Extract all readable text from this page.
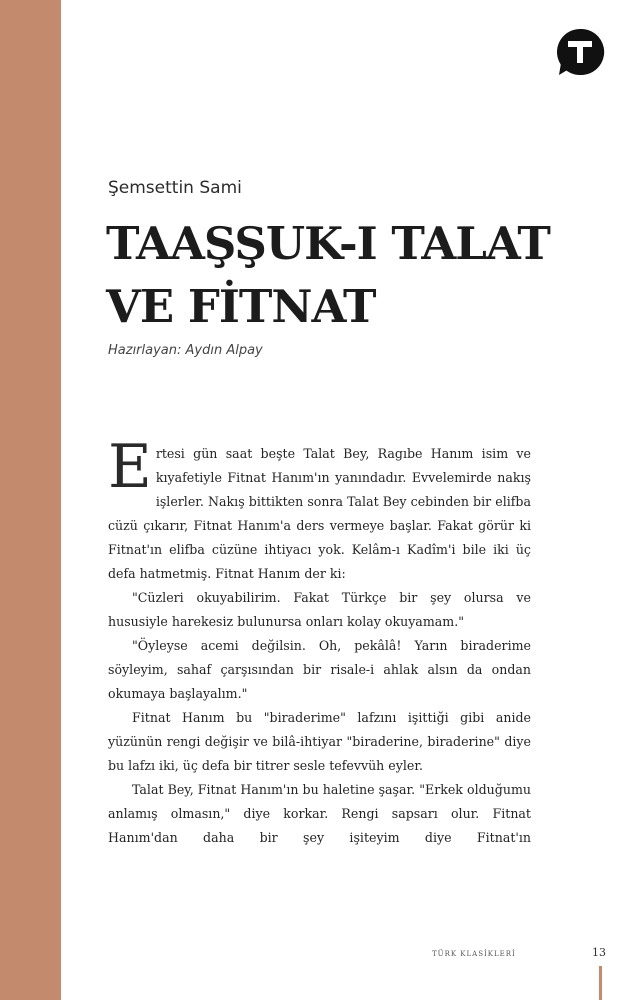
Şemsettin Sami
TAAŞŞUK-I TALAT
VE FİTNAT
Hazırlayan: Aydın Alpay

Ertesi gün saat beşte Talat Bey, Ragıbe Hanım isim ve kıyafetiyle Fitnat Hanım'ın yanındadır. Evvelemirde nakış işlerler. Nakış bittikten sonra Talat Bey cebinden bir elifba cüzü çıkarır, Fitnat Hanım'a ders vermeye başlar. Fakat görür ki Fitnat'ın elifba cüzüne ihtiyacı yok. Kelâm-ı Kadîm'i bile iki üç defa hatmetmiş. Fitnat Hanım der ki:

"Cüzleri okuyabilirim. Fakat Türkçe bir şey olursa ve hususiyle harekesiz bulunursa onları kolay okuyamam."

"Öyleyse acemi değilsin. Oh, pekâlâ! Yarın biraderime söyleyim, sahaf çarşısından bir risale-i ahlak alsın da ondan okumaya başlayalım."

Fitnat Hanım bu "biraderime" lafzını işittiği gibi anide yüzünün rengi değişir ve bilâ-ihtiyar "biraderine, biraderine" diye bu lafzı iki, üç defa bir titrer sesle tefevvüh eyler.

Talat Bey, Fitnat Hanım'ın bu haletine şaşar. "Erkek olduğumu anlamış olmasın," diye korkar. Rengi sapsarı olur. Fitnat Hanım'dan daha bir şey işiteyim diye Fitnat'ın

TÜRK KLASİKLERİ	13
